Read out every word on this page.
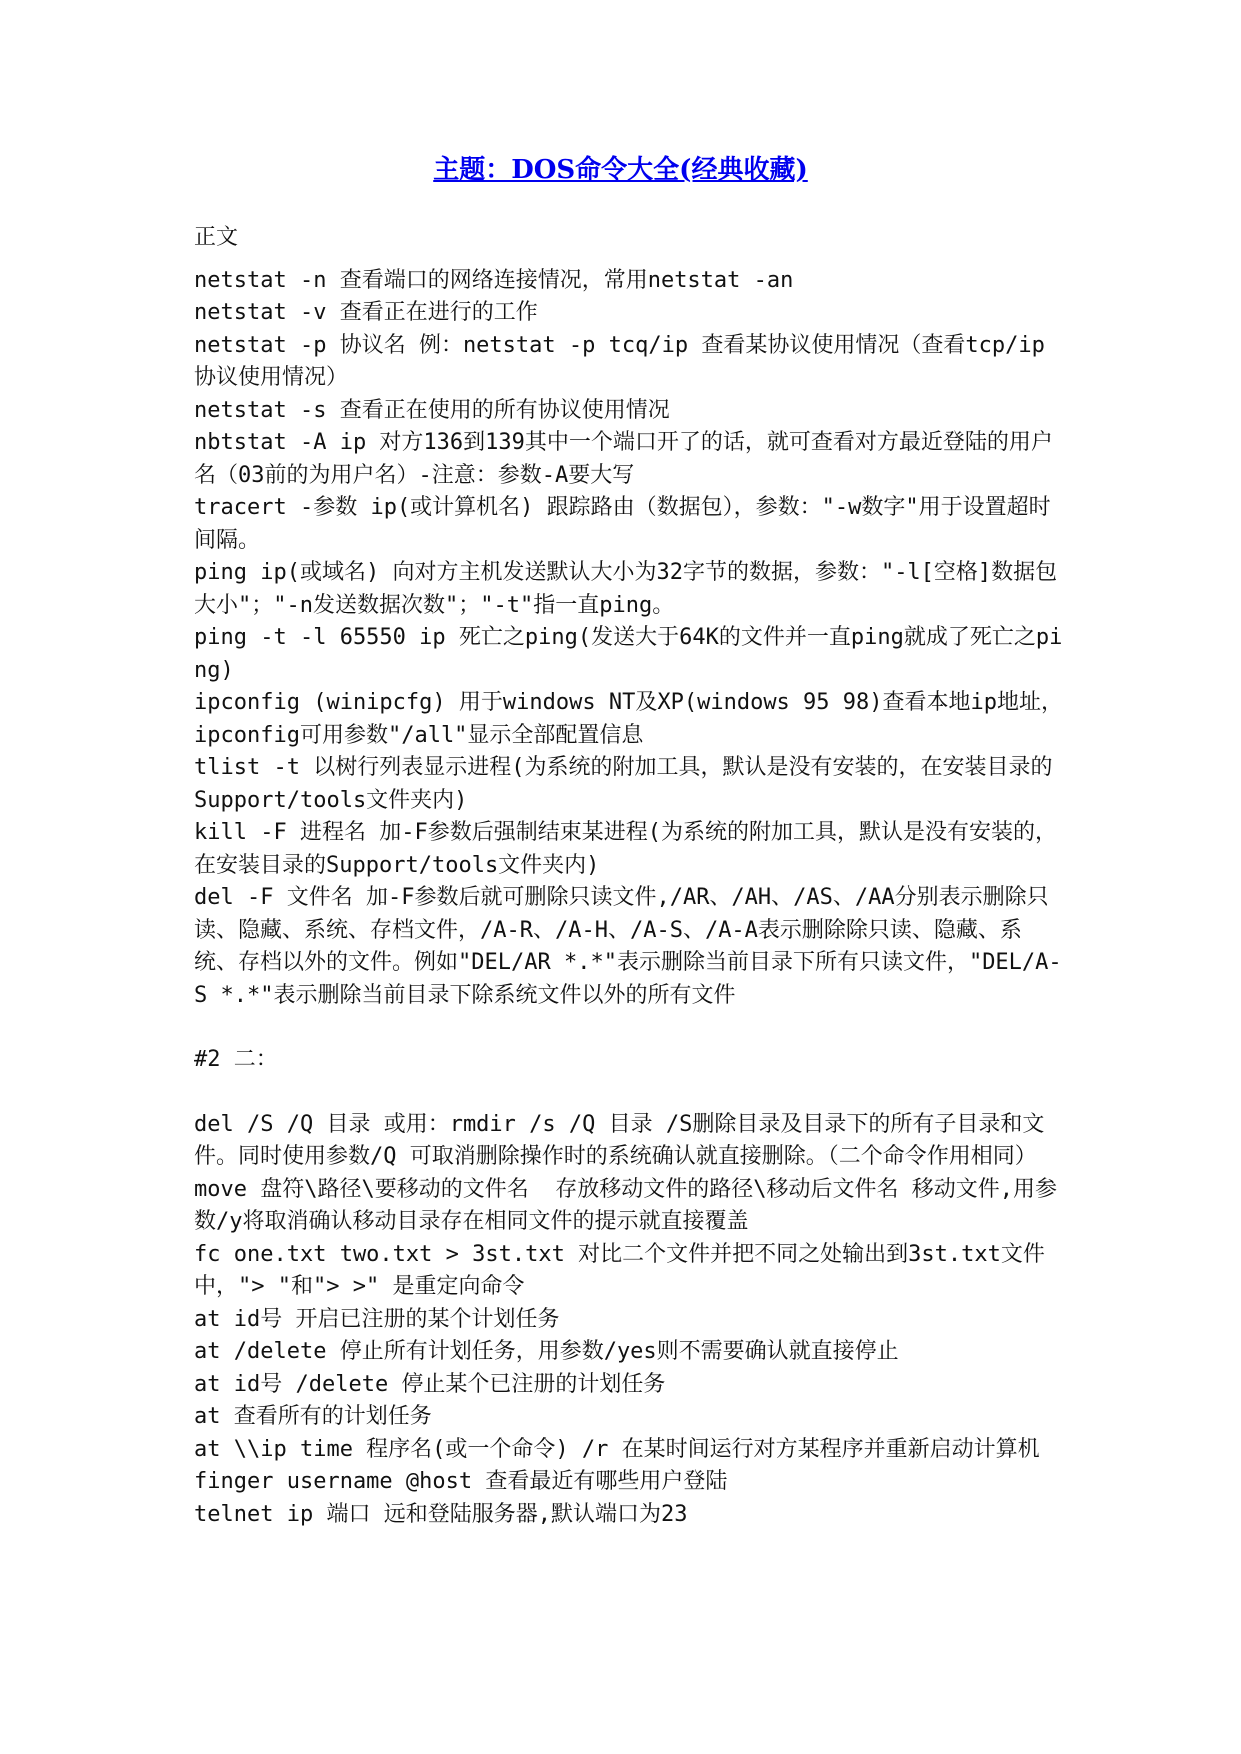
主题：DOS命令大全(经典收藏)

正文

netstat -n 查看端口的网络连接情况，常用netstat -an

netstat -v 查看正在进行的工作

netstat -p 协议名 例：netstat -p tcq/ip 查看某协议使用情况（查看tcp/ip协议使用情况）

netstat -s 查看正在使用的所有协议使用情况

nbtstat -A ip 对方136到139其中一个端口开了的话，就可查看对方最近登陆的用户名（03前的为用户名）-注意：参数-A要大写

tracert -参数 ip(或计算机名) 跟踪路由（数据包），参数："-w数字"用于设置超时间隔。

ping ip(或域名) 向对方主机发送默认大小为32字节的数据，参数："-l[空格]数据包大小"；"-n发送数据次数"；"-t"指一直ping。

ping -t -l 65550 ip 死亡之ping(发送大于64K的文件并一直ping就成了死亡之ping)

ipconfig (winipcfg) 用于windows NT及XP(windows 95 98)查看本地ip地址，ipconfig可用参数"/all"显示全部配置信息

tlist -t 以树行列表显示进程(为系统的附加工具，默认是没有安装的，在安装目录的Support/tools文件夹内)

kill -F 进程名 加-F参数后强制结束某进程(为系统的附加工具，默认是没有安装的，在安装目录的Support/tools文件夹内)

del -F 文件名 加-F参数后就可删除只读文件,/AR、/AH、/AS、/AA分别表示删除只读、隐藏、系统、存档文件，/A-R、/A-H、/A-S、/A-A表示删除除只读、隐藏、系统、存档以外的文件。例如"DEL/AR *.*"表示删除当前目录下所有只读文件，"DEL/A-S *.*"表示删除当前目录下除系统文件以外的所有文件

#2 二：

del /S /Q 目录 或用：rmdir /s /Q 目录 /S删除目录及目录下的所有子目录和文件。同时使用参数/Q 可取消删除操作时的系统确认就直接删除。（二个命令作用相同）

move 盘符\路径\要移动的文件名  存放移动文件的路径\移动后文件名 移动文件,用参数/y将取消确认移动目录存在相同文件的提示就直接覆盖

fc one.txt two.txt > 3st.txt 对比二个文件并把不同之处输出到3st.txt文件中，"> "和"> >" 是重定向命令

at id号 开启已注册的某个计划任务

at /delete 停止所有计划任务，用参数/yes则不需要确认就直接停止

at id号 /delete 停止某个已注册的计划任务

at 查看所有的计划任务

at \\ip time 程序名(或一个命令) /r 在某时间运行对方某程序并重新启动计算机

finger username @host 查看最近有哪些用户登陆

telnet ip 端口 远和登陆服务器,默认端口为23
